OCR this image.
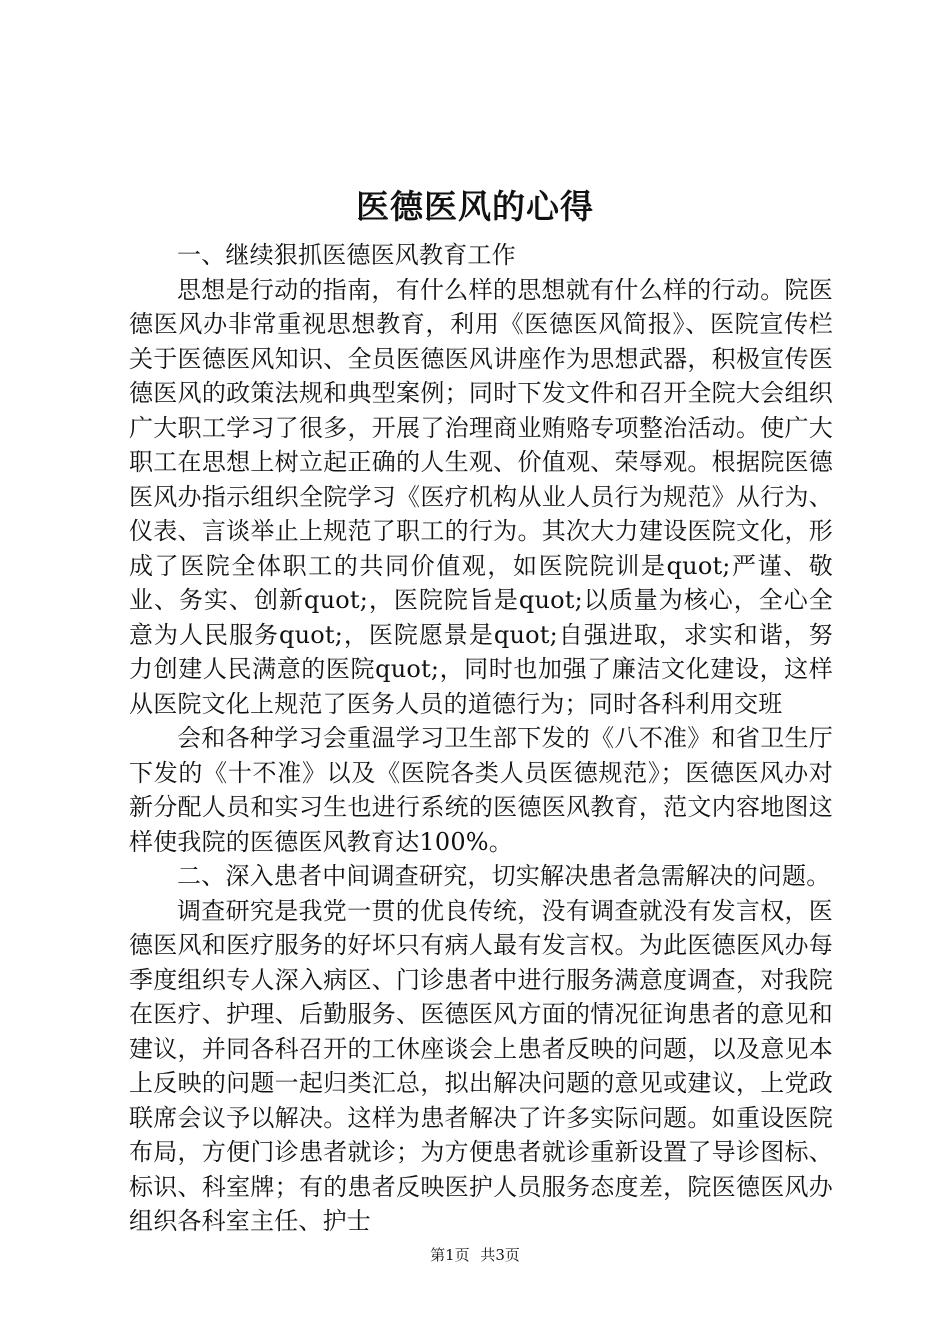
医德医风的心得

一、继续狠抓医德医风教育工作

思想是行动的指南，有什么样的思想就有什么样的行动。院医德医风办非常重视思想教育，利用《医德医风简报》、医院宣传栏关于医德医风知识、全员医德医风讲座作为思想武器，积极宣传医德医风的政策法规和典型案例；同时下发文件和召开全院大会组织广大职工学习了很多，开展了治理商业贿赂专项整治活动。使广大职工在思想上树立起正确的人生观、价值观、荣辱观。根据院医德医风办指示组织全院学习《医疗机构从业人员行为规范》从行为、仪表、言谈举止上规范了职工的行为。其次大力建设医院文化，形成了医院全体职工的共同价值观，如医院院训是quot;严谨、敬业、务实、创新quot;，医院院旨是quot;以质量为核心，全心全意为人民服务quot;，医院愿景是quot;自强进取，求实和谐，努力创建人民满意的医院quot;，同时也加强了廉洁文化建设，这样从医院文化上规范了医务人员的道德行为；同时各科利用交班

会和各种学习会重温学习卫生部下发的《八不准》和省卫生厅下发的《十不准》以及《医院各类人员医德规范》；医德医风办对新分配人员和实习生也进行系统的医德医风教育，范文内容地图这样使我院的医德医风教育达100%。

二、深入患者中间调查研究，切实解决患者急需解决的问题。

调查研究是我党一贯的优良传统，没有调查就没有发言权，医德医风和医疗服务的好坏只有病人最有发言权。为此医德医风办每季度组织专人深入病区、门诊患者中进行服务满意度调查，对我院在医疗、护理、后勤服务、医德医风方面的情况征询患者的意见和建议，并同各科召开的工休座谈会上患者反映的问题，以及意见本上反映的问题一起归类汇总，拟出解决问题的意见或建议，上党政联席会议予以解决。这样为患者解决了许多实际问题。如重设医院布局，方便门诊患者就诊；为方便患者就诊重新设置了导诊图标、标识、科室牌；有的患者反映医护人员服务态度差，院医德医风办组织各科室主任、护士

第1页 共3页
